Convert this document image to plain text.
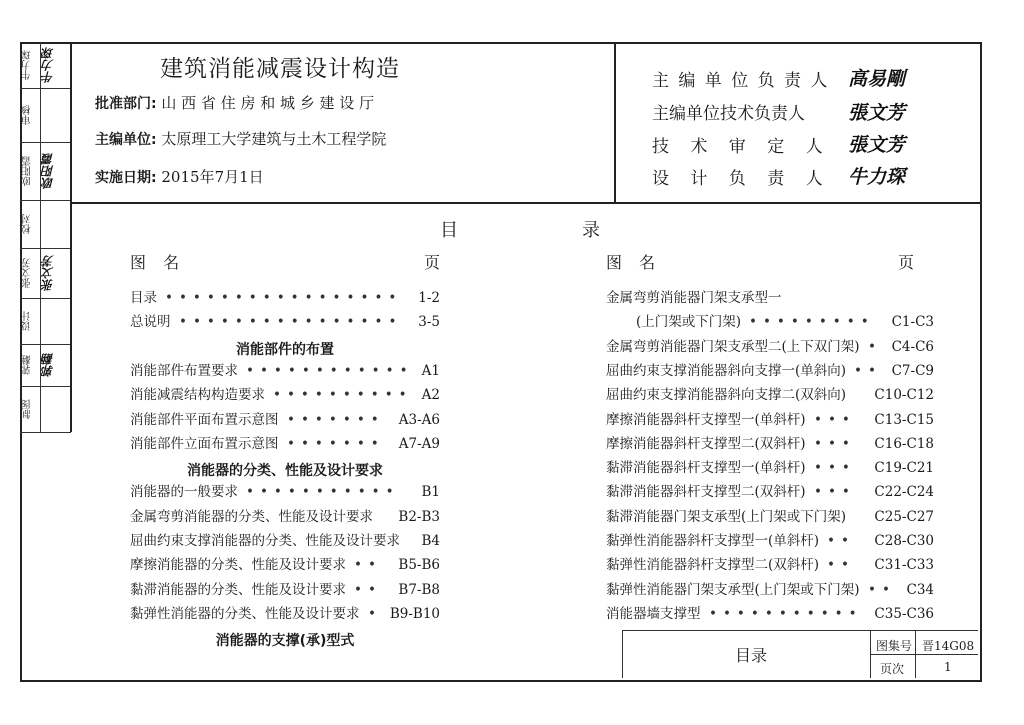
牛力琛 牛力琛
审核
欧阳霞 欧阳霞
校对
张文芳 张文芳
设计
郭翻 郭翻
制图
建筑消能减震设计构造
批准部门: 山 西 省 住 房 和 城 乡 建 设 厅
主编单位: 太原理工大学建筑与土木工程学院
实施日期: 2015年7月1日
主 编 单 位 负 责 人 高易剛
主编单位技术负责人 張文芳
技 术 审 定 人 張文芳
设 计 负 责 人 牛力琛
目	录
图 名	页	图 名	页
目录	1-2
•••••••••••••••••
总说明	3-5
••••••••••••••••
消能部件的布置
消能部件布置要求	A1
••••••••••••
消能减震结构构造要求	A2
••••••••••
消能部件平面布置示意图	A3-A6
•••••••
消能部件立面布置示意图	A7-A9
•••••••
消能器的分类、性能及设计要求
消能器的一般要求	B1
•••••••••••
金属弯剪消能器的分类、性能及设计要求 B2-B3
屈曲约束支撑消能器的分类、性能及设计要求 B4
摩擦消能器的分类、性能及设计要求	B5-B6
••
黏滞消能器的分类、性能及设计要求	B7-B8
••
黏弹性消能器的分类、性能及设计要求 B9-B10
•
消能器的支撑(承)型式
金属弯剪消能器门架支承型一
(上门架或下门架)	C1-C3
•••••••••
金属弯剪消能器门架支承型二(上下双门架) C4-C6
•
屈曲约束支撑消能器斜向支撑一(单斜向)	C7-C9
••
屈曲约束支撑消能器斜向支撑二(双斜向) C10-C12
摩擦消能器斜杆支撑型一(单斜杆)	C13-C15
•••
摩擦消能器斜杆支撑型二(双斜杆)	C16-C18
•••
黏滞消能器斜杆支撑型一(单斜杆)	C19-C21
•••
黏滞消能器斜杆支撑型二(双斜杆)	C22-C24
•••
黏滞消能器门架支承型(上门架或下门架) C25-C27
黏弹性消能器斜杆支撑型一(单斜杆)	C28-C30
••
黏弹性消能器斜杆支撑型二(双斜杆)	C31-C33
••
黏弹性消能器门架支承型(上门架或下门架)	C34
••
消能器墙支撑型	C35-C36
•••••••••••
目录	图集号 晋14G08
页次	1
